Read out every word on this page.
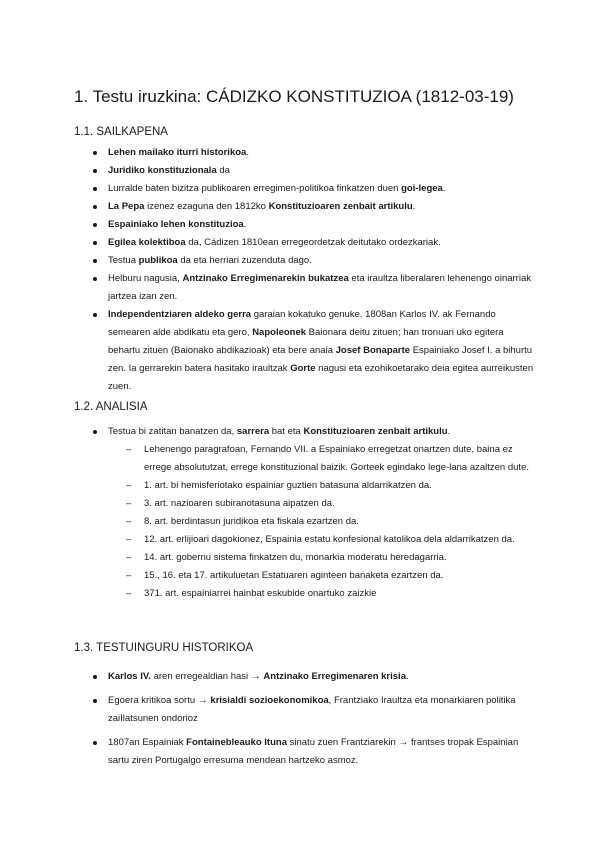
1. Testu iruzkina: CÁDIZKO KONSTITUZIOA (1812-03-19)
1.1. SAILKAPENA
Lehen mailako iturri historikoa.
Juridiko konstituzionala da
Lurralde baten bizitza publikoaren erregimen-politikoa finkatzen duen goi-legea.
La Pepa izenez ezaguna den 1812ko Konstituzioaren zenbait artikulu.
Espainiako lehen konstituzioa.
Egilea kolektiboa da, Cádizen 1810ean erregeordetzak deitutako ordezkariak.
Testua publikoa da eta herriari zuzenduta dago.
Helburu nagusia, Antzinako Erregimenarekin bukatzea eta iraultza liberalaren lehenengo oinarriak jartzea izan zen.
Independentziaren aldeko gerra garaian kokatuko genuke. 1808an Karlos IV. ak Fernando semearen alde abdikatu eta gero, Napoleonek Baionara deitu zituen; han tronuari uko egitera behartu zituen (Baionako abdikazioak) eta bere anaia Josef Bonaparte Espainiako Josef I. a bihurtu zen. Ia gerrarekin batera hasitako iraultzak Gorte nagusi eta ezohikoetarako deia egitea aurreikusten zuen.
1.2. ANALISIA
Testua bi zatitan banatzen da, sarrera bat eta Konstituzioaren zenbait artikulu.
– Lehenengo paragrafoan, Fernando VII. a Espainiako erregetzat onartzen dute, baina ez errege absolututzat, errege konstituzional baizik. Gorteek egindako lege-lana azaltzen dute.
– 1. art. bi hemisferiotako espainiar guztien batasuna aldarrikatzen da.
– 3. art. nazioaren subiranotasuna aipatzen da.
– 8. art. berdintasun juridikoa eta fiskala ezartzen da.
– 12. art. erlijioari dagokionez, Espainia estatu konfesional katolikoa dela aldarrikatzen da.
– 14. art. gobernu sistema finkatzen du, monarkia moderatu heredagarria.
– 15., 16. eta 17. artikuluetan Estatuaren aginteen banaketa ezartzen da.
– 371. art. espainiarrei hainbat eskubide onartuko zaizkie
1.3. TESTUINGURU HISTORIKOA
Karlos IV. aren erregealdian hasi → Antzinako Erregimenaren krisia.
Egoera kritikoa sortu → krisialdi sozioekonomikoa, Frantziako Iraultza eta monarkiaren politika zaiIlatsunen ondorioz
1807an Espainiak Fontainebleauko Ituna sinatu zuen Frantziarekin → frantses tropak Espainian sartu ziren Portugalgo erresuma mendean hartzeko asmoz.
